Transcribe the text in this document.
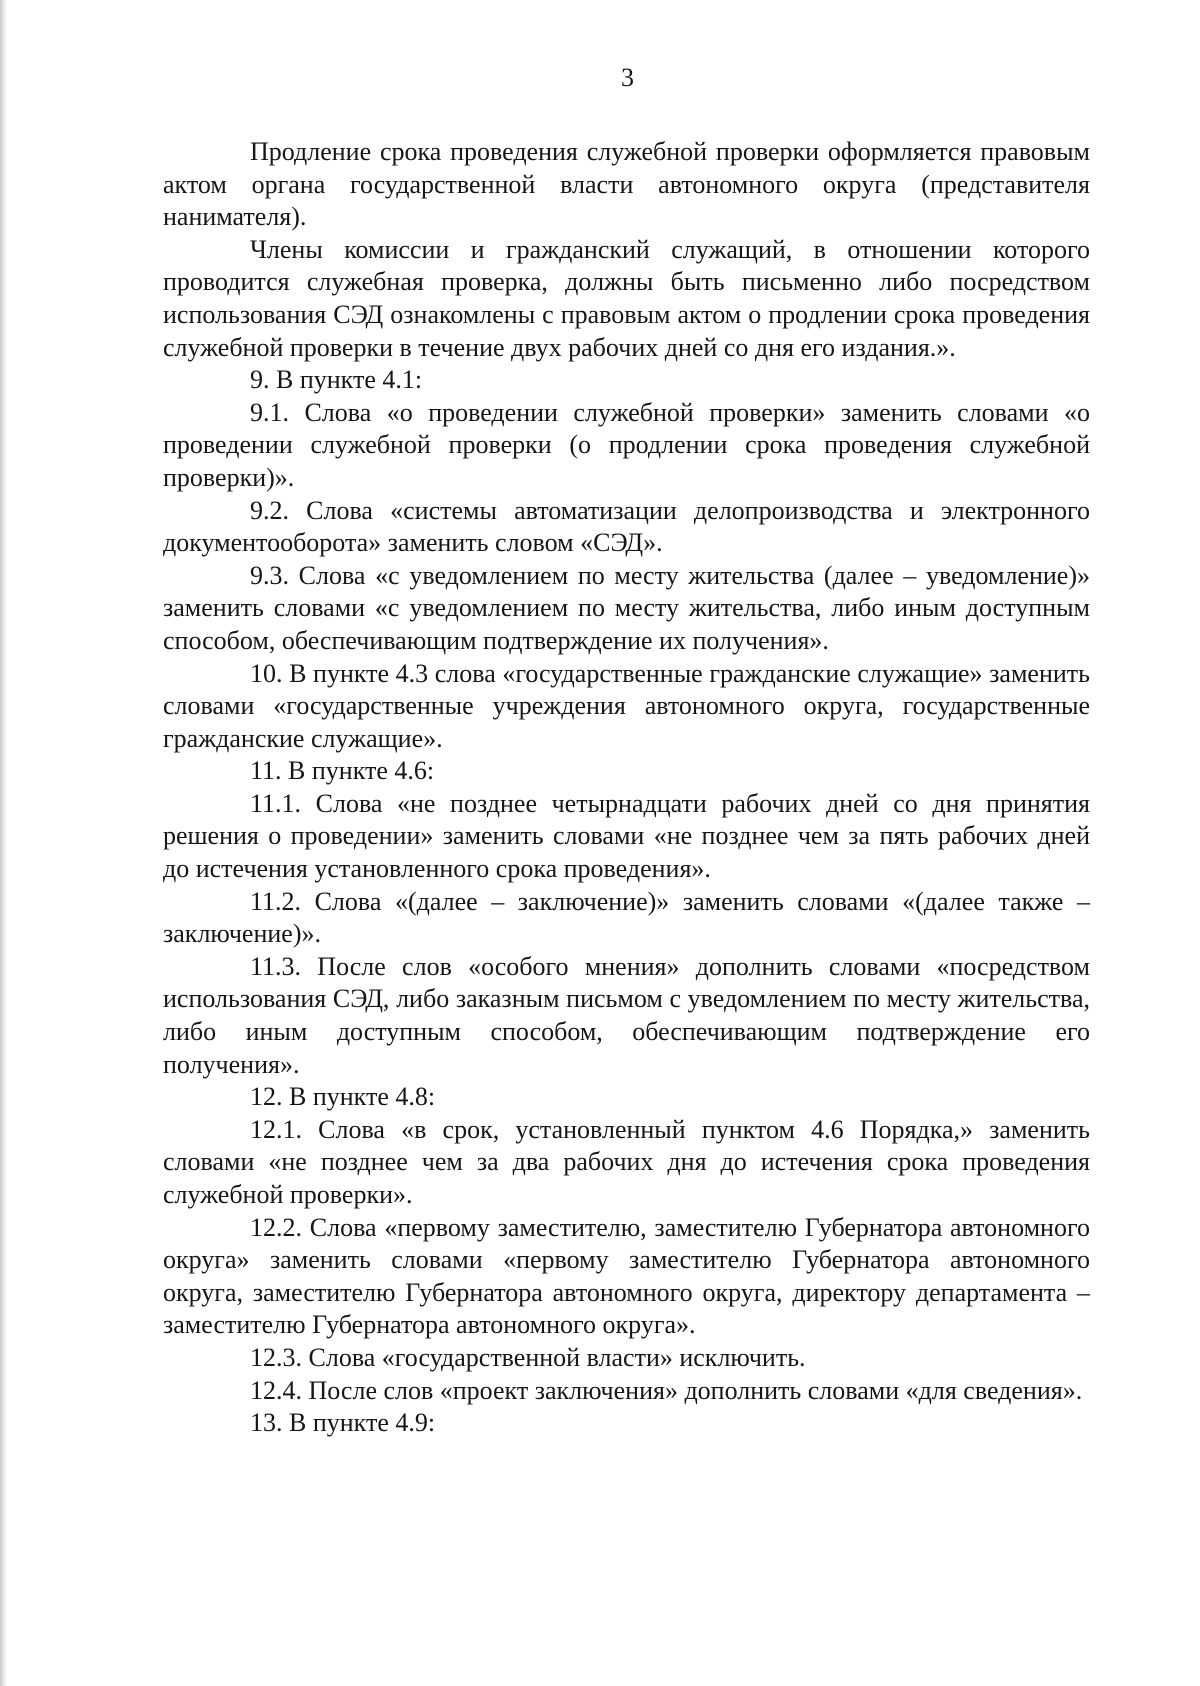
3

Продление срока проведения служебной проверки оформляется правовым актом органа государственной власти автономного округа (представителя нанимателя).

Члены комиссии и гражданский служащий, в отношении которого проводится служебная проверка, должны быть письменно либо посредством использования СЭД ознакомлены с правовым актом о продлении срока проведения служебной проверки в течение двух рабочих дней со дня его издания.».

9. В пункте 4.1:

9.1. Слова «о проведении служебной проверки» заменить словами «о проведении служебной проверки (о продлении срока проведения служебной проверки)».

9.2. Слова «системы автоматизации делопроизводства и электронного документооборота» заменить словом «СЭД».

9.3. Слова «с уведомлением по месту жительства (далее – уведомление)» заменить словами «с уведомлением по месту жительства, либо иным доступным способом, обеспечивающим подтверждение их получения».

10. В пункте 4.3 слова «государственные гражданские служащие» заменить словами «государственные учреждения автономного округа, государственные гражданские служащие».

11. В пункте 4.6:

11.1. Слова «не позднее четырнадцати рабочих дней со дня принятия решения о проведении» заменить словами «не позднее чем за пять рабочих дней до истечения установленного срока проведения».

11.2. Слова «(далее – заключение)» заменить словами «(далее также – заключение)».

11.3. После слов «особого мнения» дополнить словами «посредством использования СЭД, либо заказным письмом с уведомлением по месту жительства, либо иным доступным способом, обеспечивающим подтверждение его получения».

12. В пункте 4.8:

12.1. Слова «в срок, установленный пунктом 4.6 Порядка,» заменить словами «не позднее чем за два рабочих дня до истечения срока проведения служебной проверки».

12.2. Слова «первому заместителю, заместителю Губернатора автономного округа» заменить словами «первому заместителю Губернатора автономного округа, заместителю Губернатора автономного округа, директору департамента – заместителю Губернатора автономного округа».

12.3. Слова «государственной власти» исключить.

12.4. После слов «проект заключения» дополнить словами «для сведения».

13. В пункте 4.9:
